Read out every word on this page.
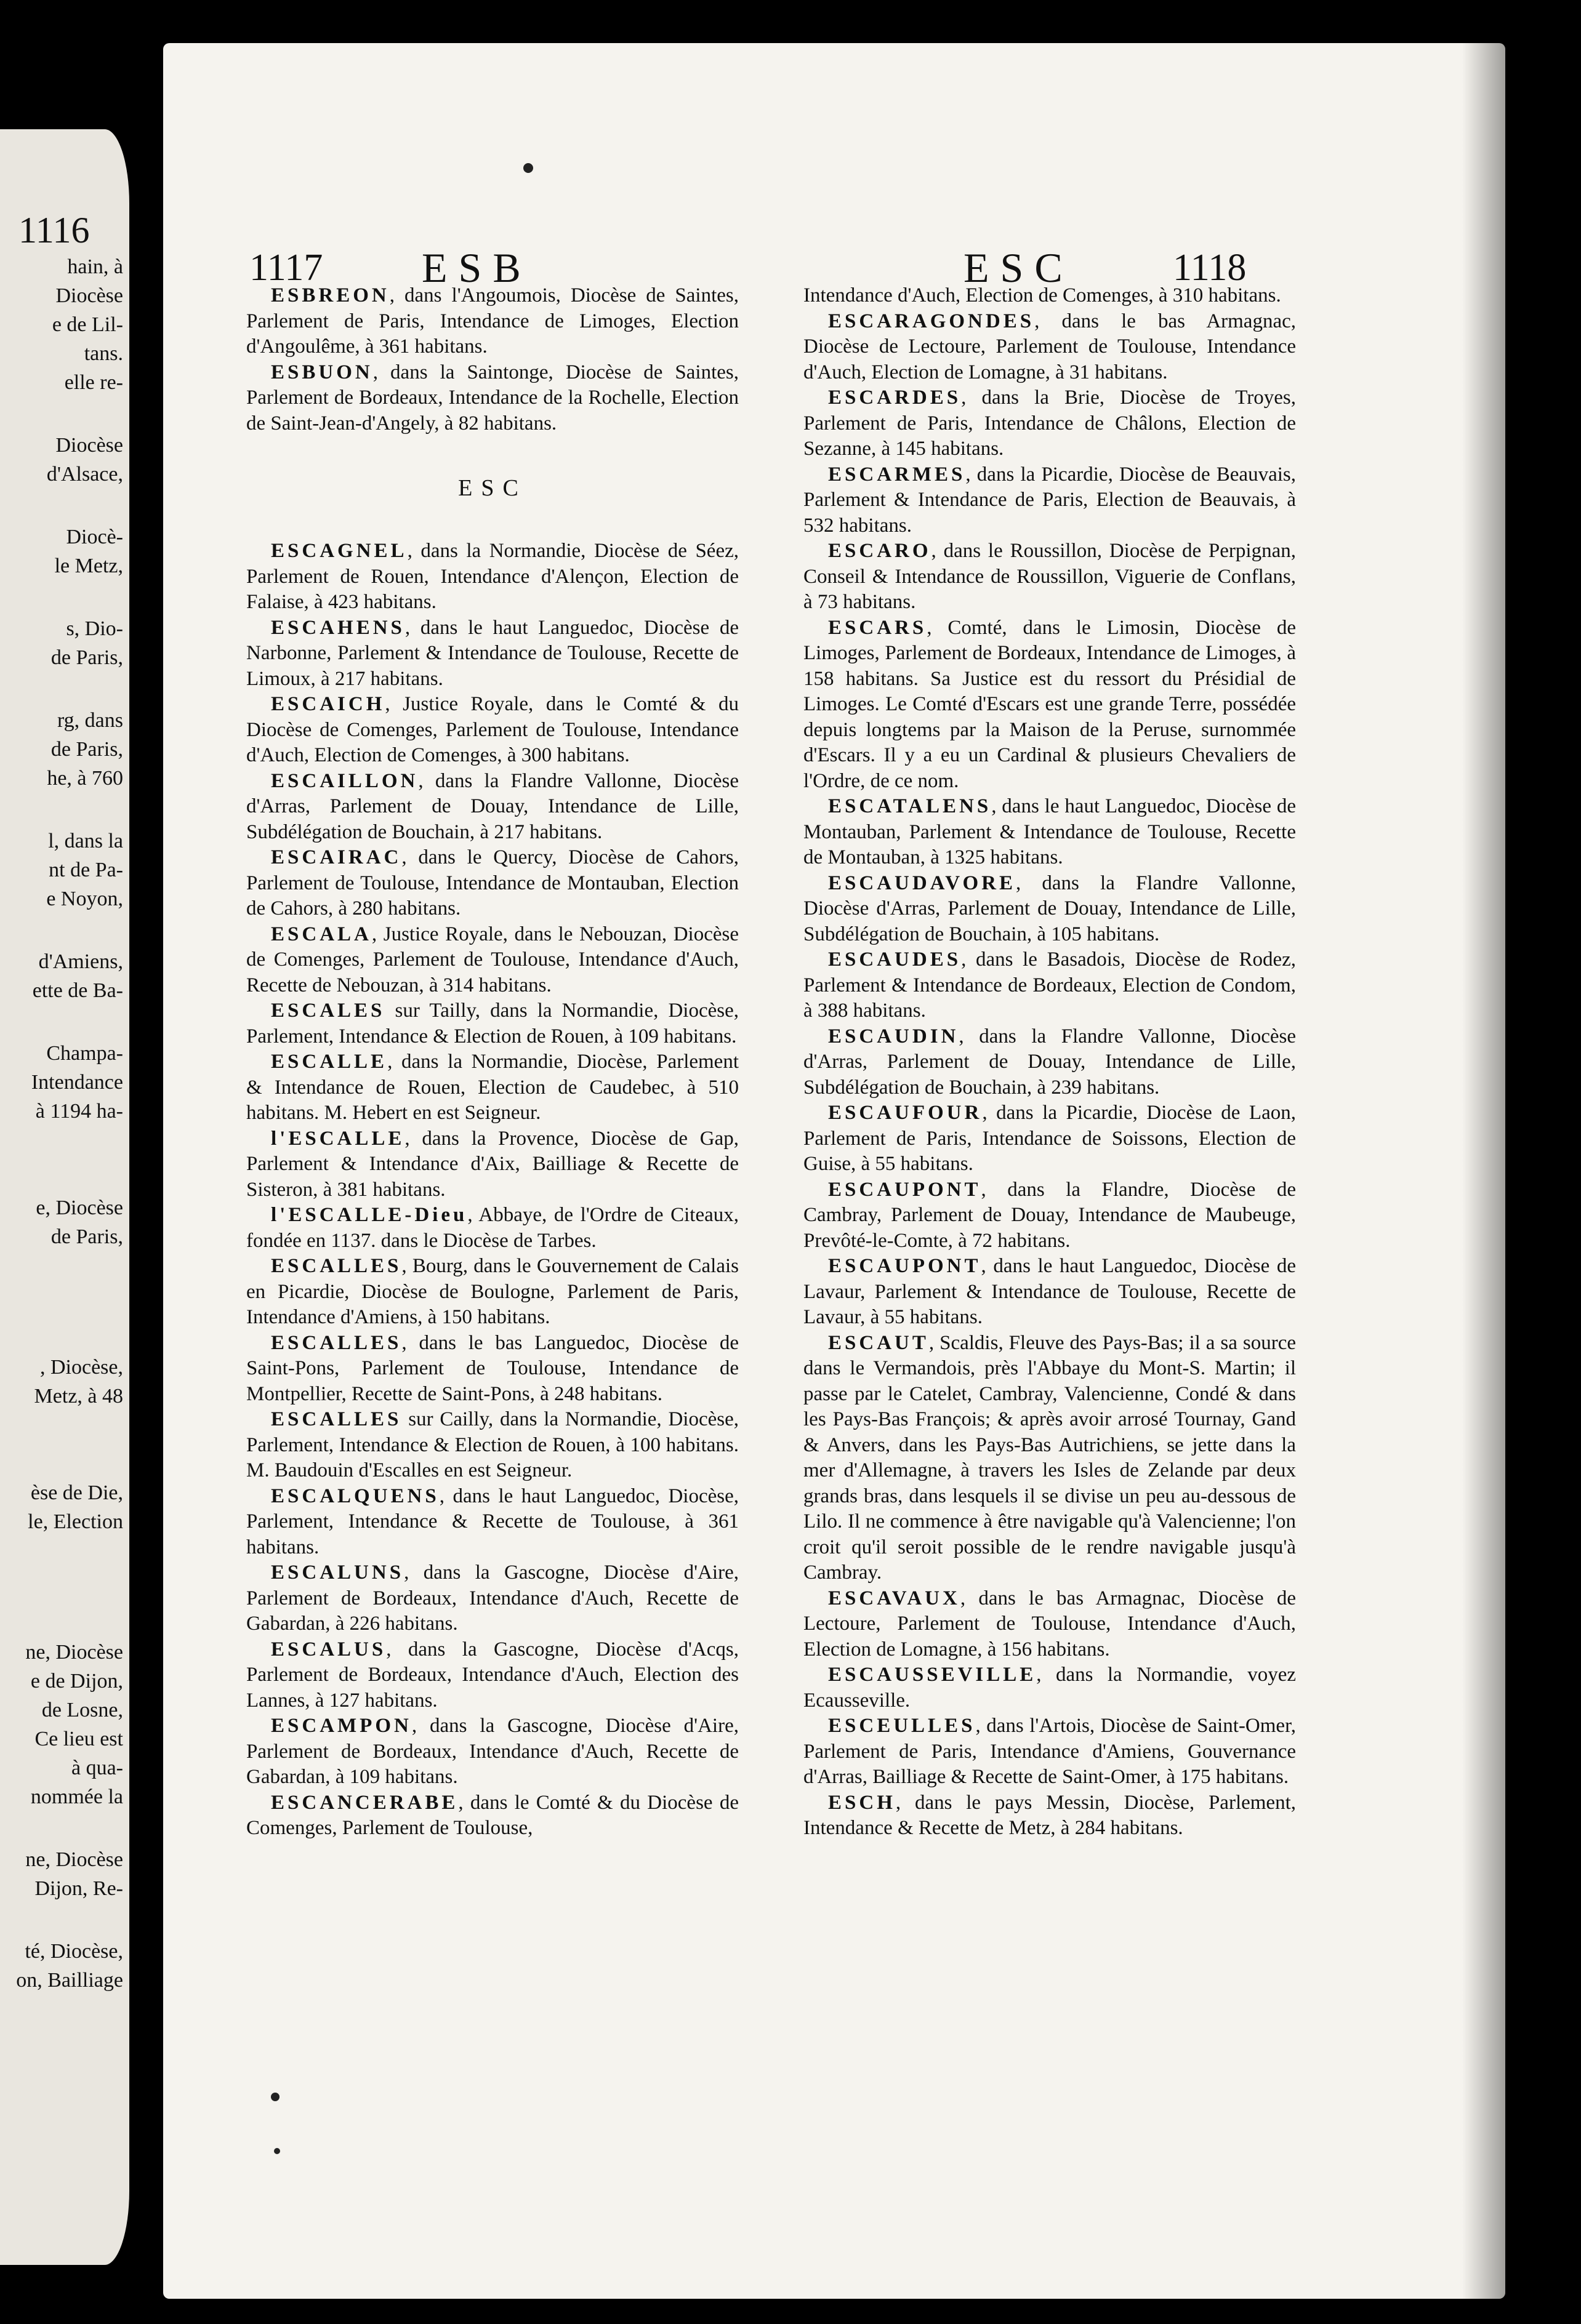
1116
hain, à
Diocèse
e de Lil-
tans.
elle re-
Diocèse
d'Alsace,
Diocè-
le Metz,
s, Dio-
de Paris,
rg, dans
de Paris,
he, à 760
l, dans la
nt de Pa-
e Noyon,
d'Amiens,
ette de Ba-
Champa-
Intendance
à 1194 ha-
e, Diocèse
de Paris,
, Diocèse,
Metz, à 48
èse de Die,
le, Election
ne, Diocèse
e de Dijon,
de Losne,
Ce lieu est
à qua-
nommée la
ne, Diocèse
Dijon, Re-
té, Diocèse,
on, Bailliage
1117 ESB	ESC	1118

ESBREON, dans l'Angoumois, Diocèse de Saintes, Parlement de Paris, Intendance de Limoges, Election d'Angoulême, à 361 habitans.

ESBUON, dans la Saintonge, Diocèse de Saintes, Parlement de Bordeaux, Intendance de la Rochelle, Election de Saint-Jean-d'Angely, à 82 habitans.

ESC

ESCAGNEL, dans la Normandie, Diocèse de Séez, Parlement de Rouen, Intendance d'Alençon, Election de Falaise, à 423 habitans.

ESCAHENS, dans le haut Languedoc, Diocèse de Narbonne, Parlement & Intendance de Toulouse, Recette de Limoux, à 217 habitans.

ESCAICH, Justice Royale, dans le Comté & du Diocèse de Comenges, Parlement de Toulouse, Intendance d'Auch, Election de Comenges, à 300 habitans.

ESCAILLON, dans la Flandre Vallonne, Diocèse d'Arras, Parlement de Douay, Intendance de Lille, Subdélégation de Bouchain, à 217 habitans.

ESCAIRAC, dans le Quercy, Diocèse de Cahors, Parlement de Toulouse, Intendance de Montauban, Election de Cahors, à 280 habitans.

ESCALA, Justice Royale, dans le Nebouzan, Diocèse de Comenges, Parlement de Toulouse, Intendance d'Auch, Recette de Nebouzan, à 314 habitans.

ESCALES sur Tailly, dans la Normandie, Diocèse, Parlement, Intendance & Election de Rouen, à 109 habitans.

ESCALLE, dans la Normandie, Diocèse, Parlement & Intendance de Rouen, Election de Caudebec, à 510 habitans. M. Hebert en est Seigneur.

l'ESCALLE, dans la Provence, Diocèse de Gap, Parlement & Intendance d'Aix, Bailliage & Recette de Sisteron, à 381 habitans.

l'ESCALLE-Dieu, Abbaye, de l'Ordre de Citeaux, fondée en 1137. dans le Diocèse de Tarbes.

ESCALLES, Bourg, dans le Gouvernement de Calais en Picardie, Diocèse de Boulogne, Parlement de Paris, Intendance d'Amiens, à 150 habitans.

ESCALLES, dans le bas Languedoc, Diocèse de Saint-Pons, Parlement de Toulouse, Intendance de Montpellier, Recette de Saint-Pons, à 248 habitans.

ESCALLES sur Cailly, dans la Normandie, Diocèse, Parlement, Intendance & Election de Rouen, à 100 habitans. M. Baudouin d'Escalles en est Seigneur.

ESCALQUENS, dans le haut Languedoc, Diocèse, Parlement, Intendance & Recette de Toulouse, à 361 habitans.

ESCALUNS, dans la Gascogne, Diocèse d'Aire, Parlement de Bordeaux, Intendance d'Auch, Recette de Gabardan, à 226 habitans.

ESCALUS, dans la Gascogne, Diocèse d'Acqs, Parlement de Bordeaux, Intendance d'Auch, Election des Lannes, à 127 habitans.

ESCAMPON, dans la Gascogne, Diocèse d'Aire, Parlement de Bordeaux, Intendance d'Auch, Recette de Gabardan, à 109 habitans.

ESCANCERABE, dans le Comté & du Diocèse de Comenges, Parlement de Toulouse,

Intendance d'Auch, Election de Comenges, à 310 habitans.

ESCARAGONDES, dans le bas Armagnac, Diocèse de Lectoure, Parlement de Toulouse, Intendance d'Auch, Election de Lomagne, à 31 habitans.

ESCARDES, dans la Brie, Diocèse de Troyes, Parlement de Paris, Intendance de Châlons, Election de Sezanne, à 145 habitans.

ESCARMES, dans la Picardie, Diocèse de Beauvais, Parlement & Intendance de Paris, Election de Beauvais, à 532 habitans.

ESCARO, dans le Roussillon, Diocèse de Perpignan, Conseil & Intendance de Roussillon, Viguerie de Conflans, à 73 habitans.

ESCARS, Comté, dans le Limosin, Diocèse de Limoges, Parlement de Bordeaux, Intendance de Limoges, à 158 habitans. Sa Justice est du ressort du Présidial de Limoges. Le Comté d'Escars est une grande Terre, possédée depuis longtems par la Maison de la Peruse, surnommée d'Escars. Il y a eu un Cardinal & plusieurs Chevaliers de l'Ordre, de ce nom.

ESCATALENS, dans le haut Languedoc, Diocèse de Montauban, Parlement & Intendance de Toulouse, Recette de Montauban, à 1325 habitans.

ESCAUDAVORE, dans la Flandre Vallonne, Diocèse d'Arras, Parlement de Douay, Intendance de Lille, Subdélégation de Bouchain, à 105 habitans.

ESCAUDES, dans le Basadois, Diocèse de Rodez, Parlement & Intendance de Bordeaux, Election de Condom, à 388 habitans.

ESCAUDIN, dans la Flandre Vallonne, Diocèse d'Arras, Parlement de Douay, Intendance de Lille, Subdélégation de Bouchain, à 239 habitans.

ESCAUFOUR, dans la Picardie, Diocèse de Laon, Parlement de Paris, Intendance de Soissons, Election de Guise, à 55 habitans.

ESCAUPONT, dans la Flandre, Diocèse de Cambray, Parlement de Douay, Intendance de Maubeuge, Prevôté-le-Comte, à 72 habitans.

ESCAUPONT, dans le haut Languedoc, Diocèse de Lavaur, Parlement & Intendance de Toulouse, Recette de Lavaur, à 55 habitans.

ESCAUT, Scaldis, Fleuve des Pays-Bas; il a sa source dans le Vermandois, près l'Abbaye du Mont-S. Martin; il passe par le Catelet, Cambray, Valencienne, Condé & dans les Pays-Bas François; & après avoir arrosé Tournay, Gand & Anvers, dans les Pays-Bas Autrichiens, se jette dans la mer d'Allemagne, à travers les Isles de Zelande par deux grands bras, dans lesquels il se divise un peu au-dessous de Lilo. Il ne commence à être navigable qu'à Valencienne; l'on croit qu'il seroit possible de le rendre navigable jusqu'à Cambray.

ESCAVAUX, dans le bas Armagnac, Diocèse de Lectoure, Parlement de Toulouse, Intendance d'Auch, Election de Lomagne, à 156 habitans.

ESCAUSSEVILLE, dans la Normandie, voyez Ecausseville.

ESCEULLES, dans l'Artois, Diocèse de Saint-Omer, Parlement de Paris, Intendance d'Amiens, Gouvernance d'Arras, Bailliage & Recette de Saint-Omer, à 175 habitans.

ESCH, dans le pays Messin, Diocèse, Parlement, Intendance & Recette de Metz, à 284 habitans.
